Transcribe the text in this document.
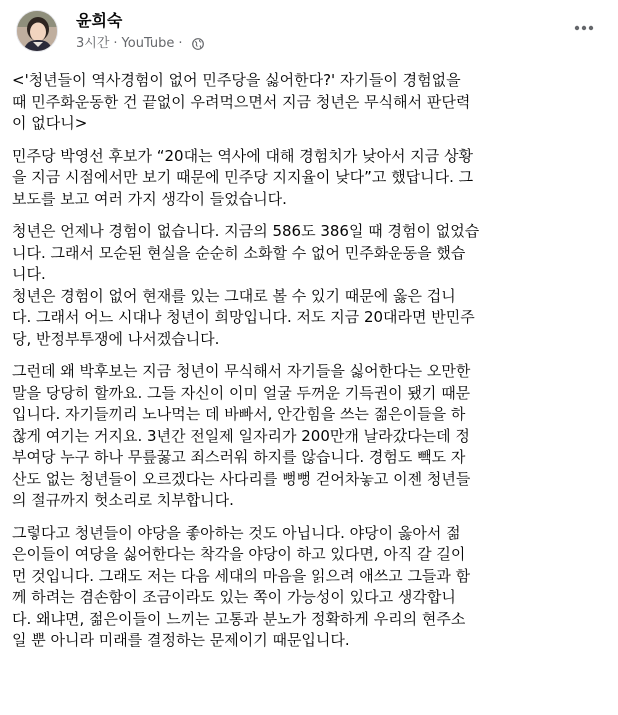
윤희숙
3시간 · YouTube ·
<'청년들이 역사경험이 없어 민주당을 싫어한다?' 자기들이 경험없을
때 민주화운동한 건 끝없이 우려먹으면서 지금 청년은 무식해서 판단력
이 없다니>
민주당 박영선 후보가 “20대는 역사에 대해 경험치가 낮아서 지금 상황
을 지금 시점에서만 보기 때문에 민주당 지지율이 낮다”고 했답니다. 그
보도를 보고 여러 가지 생각이 들었습니다.
청년은 언제나 경험이 없습니다. 지금의 586도 386일 때 경험이 없었습
니다. 그래서 모순된 현실을 순순히 소화할 수 없어 민주화운동을 했습
니다.
청년은 경험이 없어 현재를 있는 그대로 볼 수 있기 때문에 옳은 겁니
다. 그래서 어느 시대나 청년이 희망입니다. 저도 지금 20대라면 반민주
당, 반정부투쟁에 나서겠습니다.
그런데 왜 박후보는 지금 청년이 무식해서 자기들을 싫어한다는 오만한
말을 당당히 할까요. 그들 자신이 이미 얼굴 두꺼운 기득권이 됐기 때문
입니다. 자기들끼리 노나먹는 데 바빠서, 안간힘을 쓰는 젊은이들을 하
찮게 여기는 거지요. 3년간 전일제 일자리가 200만개 날라갔다는데 정
부여당 누구 하나 무릎꿇고 죄스러워 하지를 않습니다. 경험도 빽도 자
산도 없는 청년들이 오르겠다는 사다리를 뻥뻥 걷어차놓고 이젠 청년들
의 절규까지 헛소리로 치부합니다.
그렇다고 청년들이 야당을 좋아하는 것도 아닙니다. 야당이 옳아서 젊
은이들이 여당을 싫어한다는 착각을 야당이 하고 있다면, 아직 갈 길이
먼 것입니다. 그래도 저는 다음 세대의 마음을 읽으려 애쓰고 그들과 함
께 하려는 겸손함이 조금이라도 있는 쪽이 가능성이 있다고 생각합니
다. 왜냐면, 젊은이들이 느끼는 고통과 분노가 정확하게 우리의 현주소
일 뿐 아니라 미래를 결정하는 문제이기 때문입니다.
